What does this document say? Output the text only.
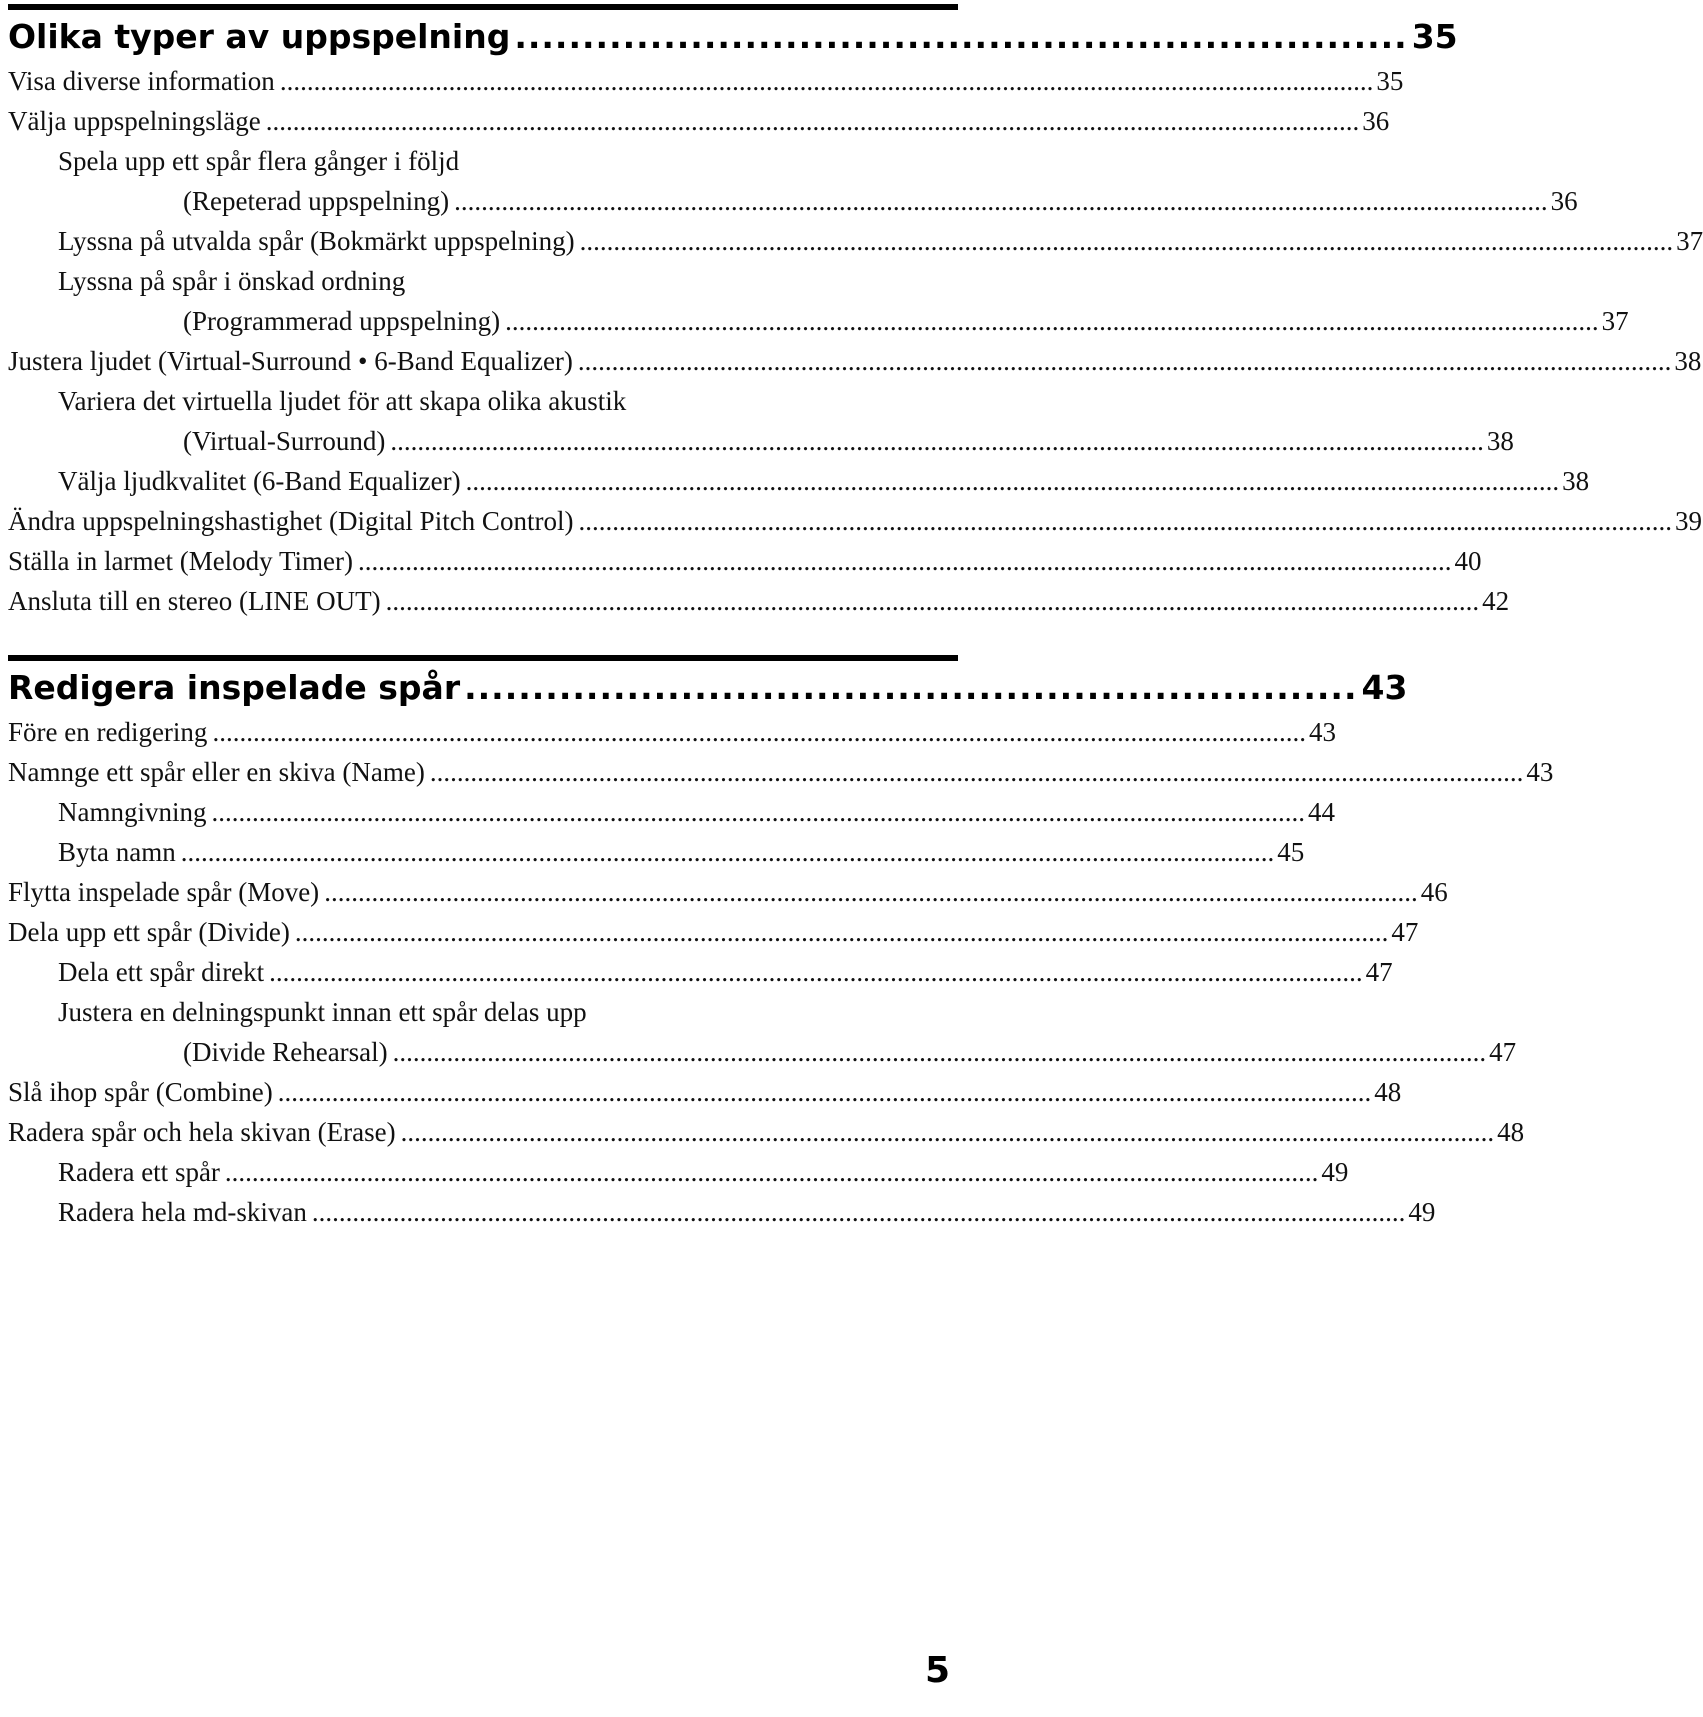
Olika typer av uppspelning .................................................................. 35
Visa diverse information .................................................................................................................................................................. 35
Välja uppspelningsläge .................................................................................................................................................................. 36
Spela upp ett spår flera gånger i följd
(Repeterad uppspelning) .................................................................................................................................................................. 36
Lyssna på utvalda spår (Bokmärkt uppspelning) .................................................................................................................................................................. 37
Lyssna på spår i önskad ordning
(Programmerad uppspelning) .................................................................................................................................................................. 37
Justera ljudet (Virtual-Surround • 6-Band Equalizer) .................................................................................................................................................................. 38
Variera det virtuella ljudet för att skapa olika akustik
(Virtual-Surround) .................................................................................................................................................................. 38
Välja ljudkvalitet (6-Band Equalizer) .................................................................................................................................................................. 38
Ändra uppspelningshastighet (Digital Pitch Control) .................................................................................................................................................................. 39
Ställa in larmet (Melody Timer) .................................................................................................................................................................. 40
Ansluta till en stereo (LINE OUT) .................................................................................................................................................................. 42
Redigera inspelade spår .................................................................. 43
Före en redigering .................................................................................................................................................................. 43
Namnge ett spår eller en skiva (Name) .................................................................................................................................................................. 43
Namngivning .................................................................................................................................................................. 44
Byta namn .................................................................................................................................................................. 45
Flytta inspelade spår (Move) .................................................................................................................................................................. 46
Dela upp ett spår (Divide) .................................................................................................................................................................. 47
Dela ett spår direkt .................................................................................................................................................................. 47
Justera en delningspunkt innan ett spår delas upp
(Divide Rehearsal) .................................................................................................................................................................. 47
Slå ihop spår (Combine) .................................................................................................................................................................. 48
Radera spår och hela skivan (Erase) .................................................................................................................................................................. 48
Radera ett spår .................................................................................................................................................................. 49
Radera hela md-skivan .................................................................................................................................................................. 49
5
